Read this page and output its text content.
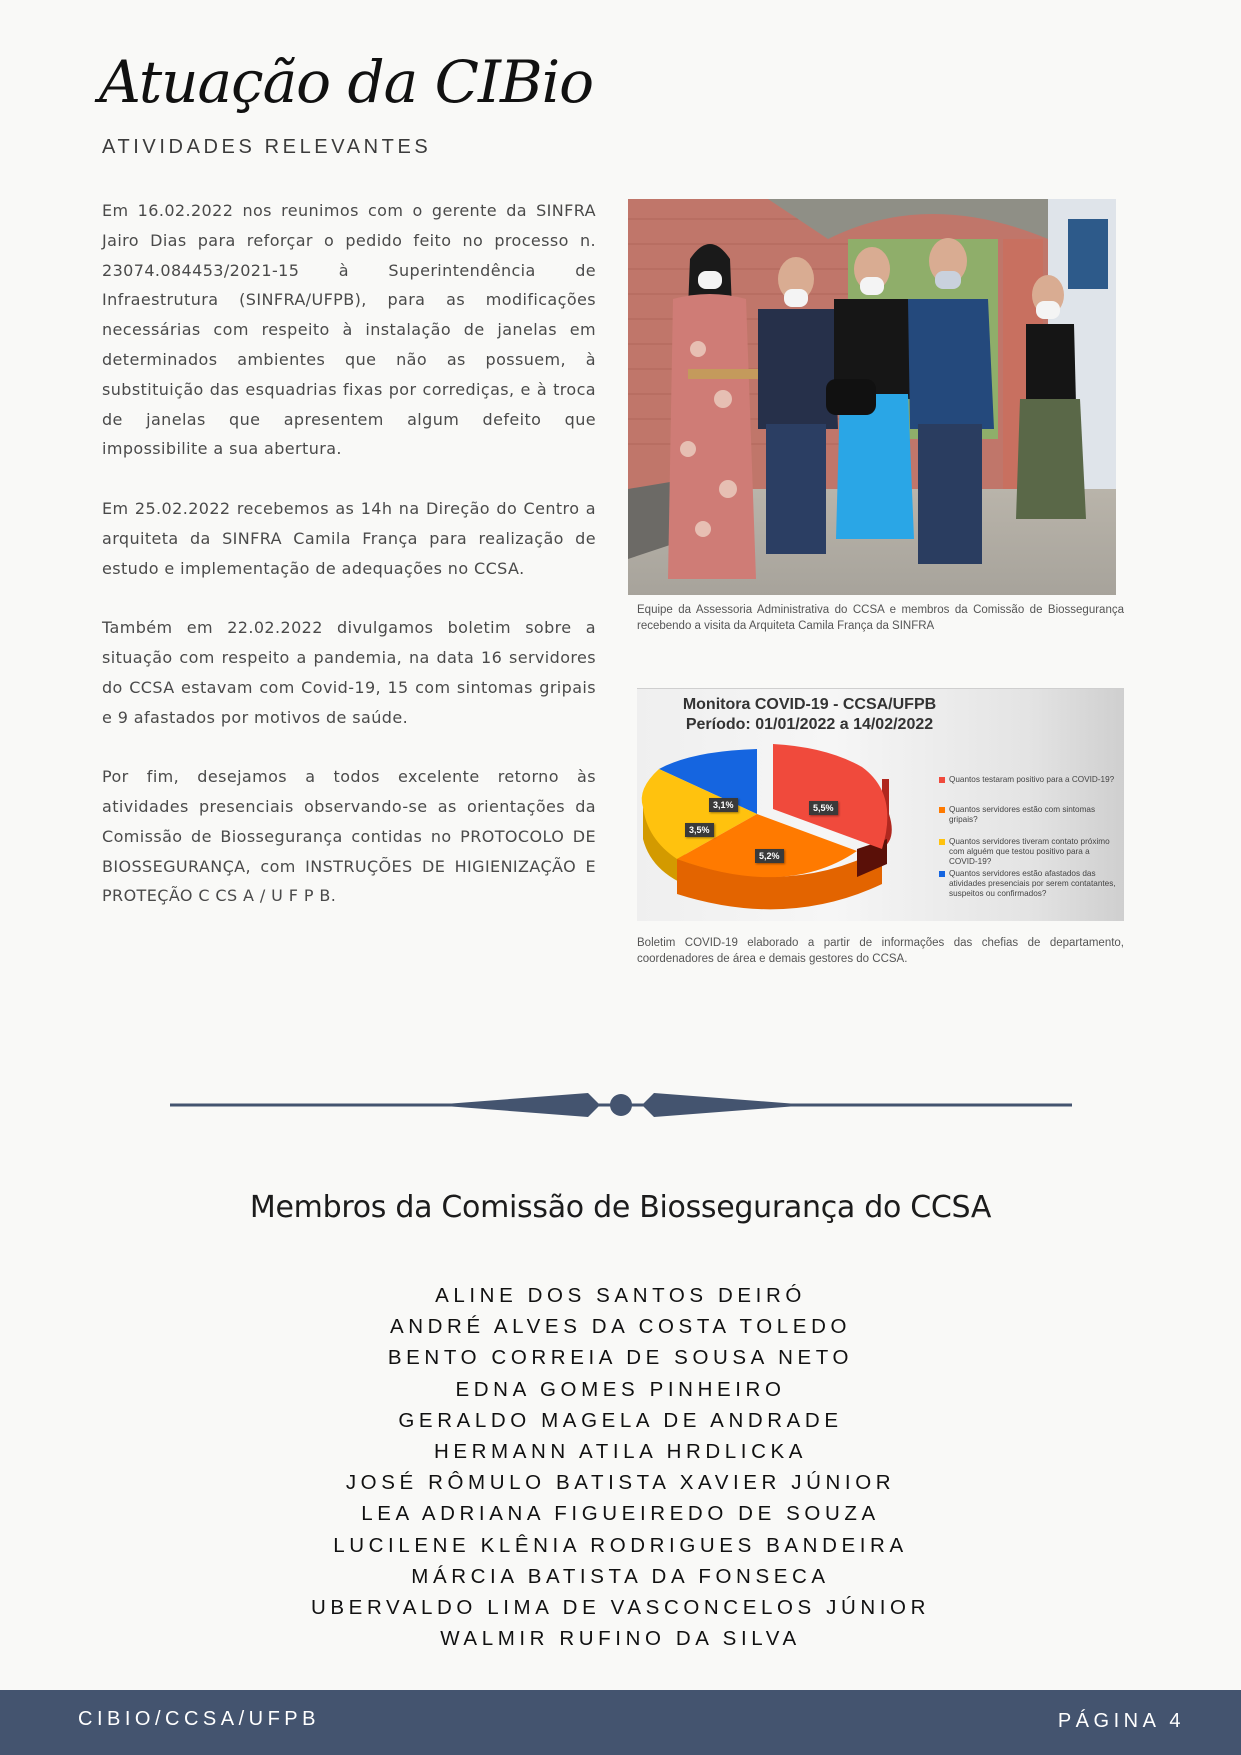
Atuação da CIBio
ATIVIDADES RELEVANTES

Em 16.02.2022 nos reunimos com o gerente da SINFRA Jairo Dias para reforçar o pedido feito no processo n. 23074.084453/2021-15 à Superintendência de Infraestrutura (SINFRA/UFPB), para as modificações necessárias com respeito à instalação de janelas em determinados ambientes que não as possuem, à substituição das esquadrias fixas por corrediças, e à troca de janelas que apresentem algum defeito que impossibilite a sua abertura.

Em 25.02.2022 recebemos as 14h na Direção do Centro a arquiteta da SINFRA Camila França para realização de estudo e implementação de adequações no CCSA.

Também em 22.02.2022 divulgamos boletim sobre a situação com respeito a pandemia, na data 16 servidores do CCSA estavam com Covid-19, 15 com sintomas gripais e 9 afastados por motivos de saúde.

Por fim, desejamos a todos excelente retorno às atividades presenciais observando-se as orientações da Comissão de Biossegurança contidas no PROTOCOLO DE BIOSSEGURANÇA, com INSTRUÇÕES DE HIGIENIZAÇÃO E PROTEÇÃO C CS A / U F P B.

Equipe da Assessoria Administrativa do CCSA e membros da Comissão de Biossegurança recebendo a visita da Arquiteta Camila França da SINFRA
Monitora COVID-19 - CCSA/UFPB
Período: 01/01/2022 a 14/02/2022
3,1%
3,5%
5,2%
5,5%
Quantos testaram positivo para a COVID-19?
Quantos servidores estão com sintomas gripais?
Quantos servidores tiveram contato próximo com alguém que testou positivo para a COVID-19?
Quantos servidores estão afastados das atividades presenciais por serem contatantes, suspeitos ou confirmados?
Boletim COVID-19 elaborado a partir de informações das chefias de departamento, coordenadores de área e demais gestores do CCSA.
Membros da Comissão de Biossegurança do CCSA
ALINE DOS SANTOS DEIRÓ
ANDRÉ ALVES DA COSTA TOLEDO
BENTO CORREIA DE SOUSA NETO
EDNA GOMES PINHEIRO
GERALDO MAGELA DE ANDRADE
HERMANN ATILA HRDLICKA
JOSÉ RÔMULO BATISTA XAVIER JÚNIOR
LEA ADRIANA FIGUEIREDO DE SOUZA
LUCILENE KLÊNIA RODRIGUES BANDEIRA
MÁRCIA BATISTA DA FONSECA
UBERVALDO LIMA DE VASCONCELOS JÚNIOR
WALMIR RUFINO DA SILVA
CIBIO/CCSA/UFPB	PÁGINA 4
